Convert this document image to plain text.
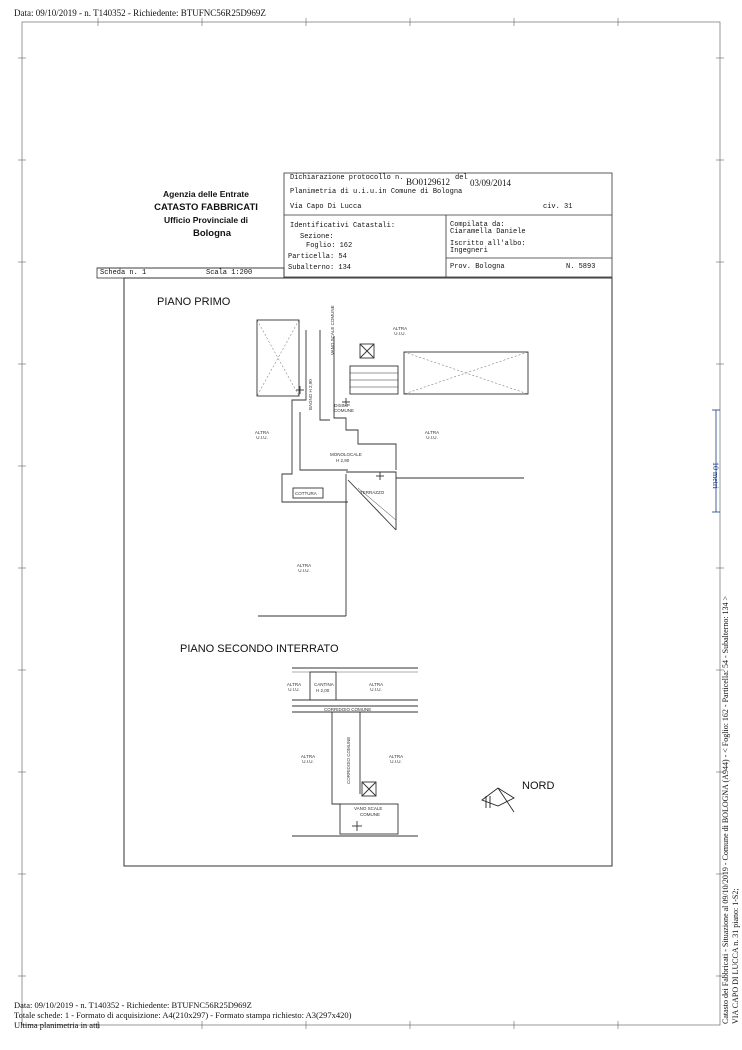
Data: 09/10/2019 - n. T140352 - Richiedente: BTUFNC56R25D969Z
Agenzia delle Entrate
CATASTO FABBRICATI
Ufficio Provinciale di
Bologna
Dichiarazione protocollo n. BO0129612 del 03/09/2014
Planimetria di u.i.u.in Comune di Bologna
Via Capo Di Lucca	civ. 31
Identificativi Catastali:
Sezione:
Foglio: 162
Particella: 54
Subalterno: 134
Compilata da:
Ciaramella Daniele
Iscritto all'albo:
Ingegneri
Prov. Bologna	N. 5893
Scheda n. 1	Scala 1:200
PIANO PRIMO
PIANO SECONDO INTERRATO
NORD
ALTRA U.I.U.
ALTRA U.I.U.
ALTRA U.I.U.
ALTRA U.I.U.
VANO SCALE COMUNE
BAGNO H 2,90	DISIMP COMUNE
MONOLOCALE
H 2,90
COTTURA	TERRAZZO
ALTRA U.I.U.
CANTINA
H 2,00
ALTRA U.I.U.
CORRIDOIO COMUNE
CORRIDOIO COMUNE
ALTRA U.I.U.
ALTRA U.I.U.
VANO SCALE
COMUNE
10 metri
Catasto dei Fabbricati - Situazione al 09/10/2019 - Comune di BOLOGNA (A944) - < Foglio: 162 - Particella: 54 - Subalterno: 134 > VIA CAPO DI LUCCA n. 31 piano: 1-S2;
Data: 09/10/2019 - n. T140352 - Richiedente: BTUFNC56R25D969Z
Totale schede: 1 - Formato di acquisizione: A4(210x297) - Formato stampa richiesto: A3(297x420)
Ultima planimetria in atti
